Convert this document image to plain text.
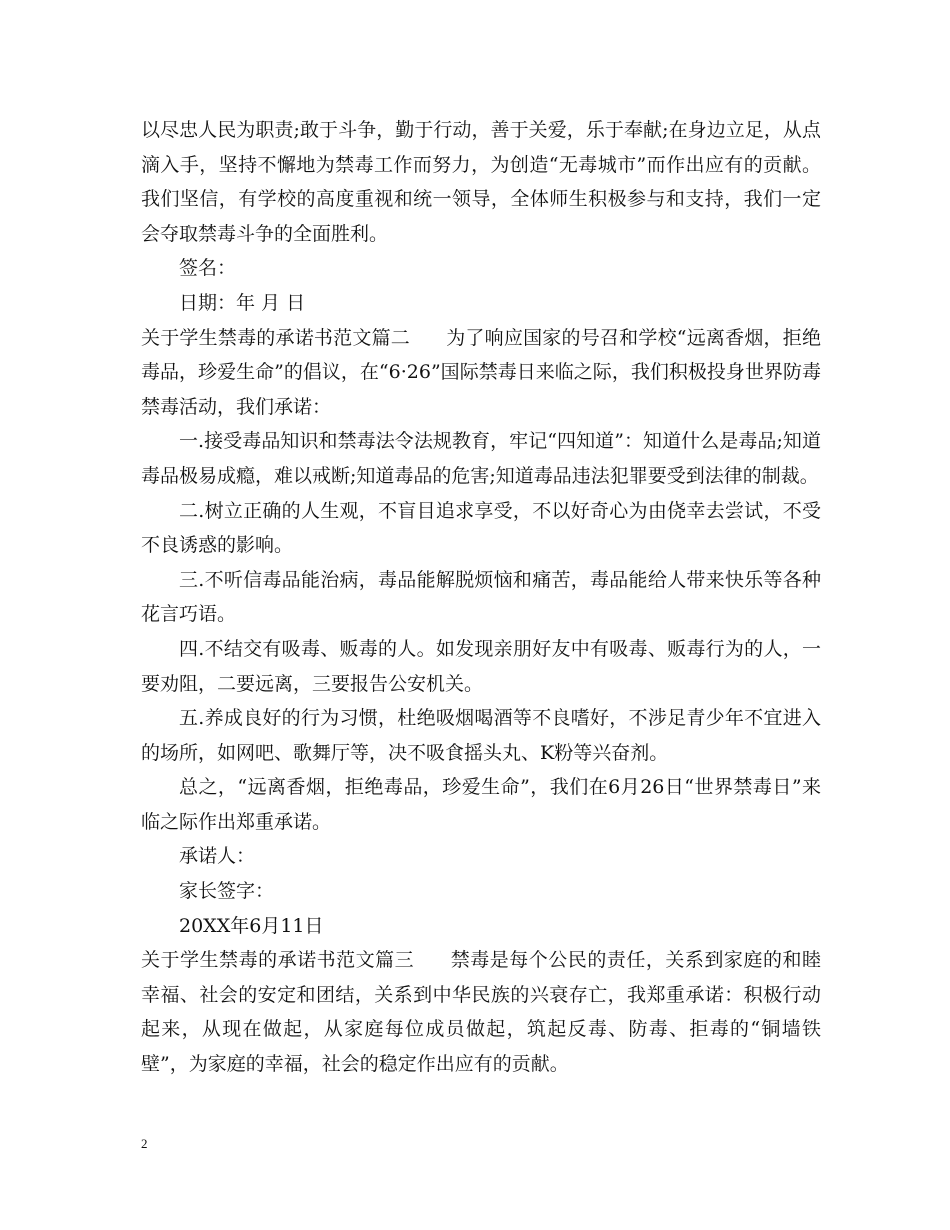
以尽忠人民为职责;敢于斗争，勤于行动，善于关爱，乐于奉献;在身边立足，从点滴入手，坚持不懈地为禁毒工作而努力，为创造“无毒城市”而作出应有的贡献。我们坚信，有学校的高度重视和统一领导，全体师生积极参与和支持，我们一定会夺取禁毒斗争的全面胜利。

签名：

日期：年 月 日

关于学生禁毒的承诺书范文篇二 为了响应国家的号召和学校“远离香烟，拒绝毒品，珍爱生命”的倡议，在“6·26”国际禁毒日来临之际，我们积极投身世界防毒禁毒活动，我们承诺：

一.接受毒品知识和禁毒法令法规教育，牢记“四知道”：知道什么是毒品;知道毒品极易成瘾，难以戒断;知道毒品的危害;知道毒品违法犯罪要受到法律的制裁。

二.树立正确的人生观，不盲目追求享受，不以好奇心为由侥幸去尝试，不受不良诱惑的影响。

三.不听信毒品能治病，毒品能解脱烦恼和痛苦，毒品能给人带来快乐等各种花言巧语。

四.不结交有吸毒、贩毒的人。如发现亲朋好友中有吸毒、贩毒行为的人，一要劝阻，二要远离，三要报告公安机关。

五.养成良好的行为习惯，杜绝吸烟喝酒等不良嗜好，不涉足青少年不宜进入的场所，如网吧、歌舞厅等，决不吸食摇头丸、K粉等兴奋剂。

总之，“远离香烟，拒绝毒品，珍爱生命”，我们在6月26日“世界禁毒日”来临之际作出郑重承诺。

承诺人：

家长签字：

20XX年6月11日

关于学生禁毒的承诺书范文篇三 禁毒是每个公民的责任，关系到家庭的和睦幸福、社会的安定和团结，关系到中华民族的兴衰存亡，我郑重承诺：积极行动起来，从现在做起，从家庭每位成员做起，筑起反毒、防毒、拒毒的“铜墙铁壁”，为家庭的幸福，社会的稳定作出应有的贡献。

2
